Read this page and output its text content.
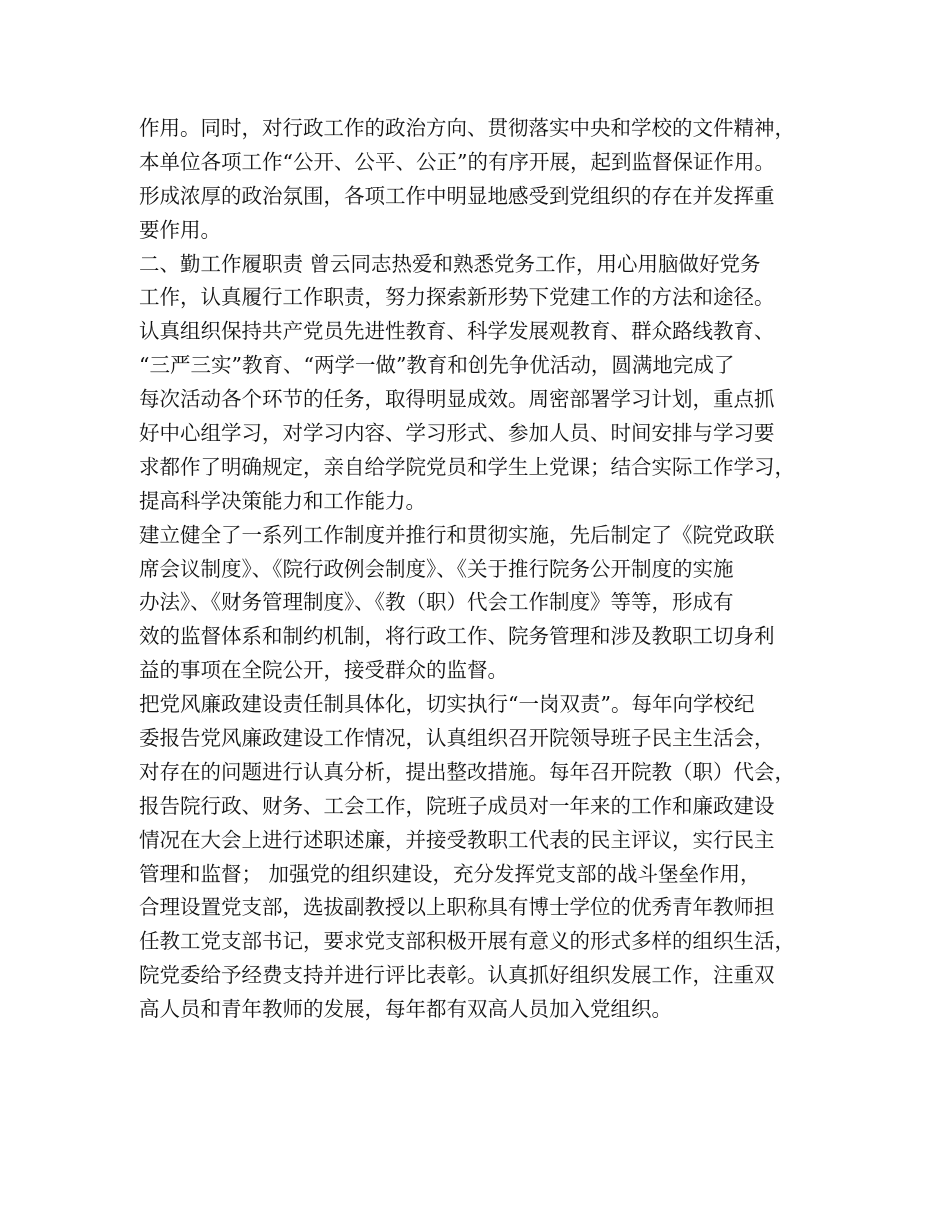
作用。同时，对行政工作的政治方向、贯彻落实中央和学校的文件精神，
本单位各项工作“公开、公平、公正”的有序开展，起到监督保证作用。
形成浓厚的政治氛围，各项工作中明显地感受到党组织的存在并发挥重
要作用。
二、勤工作履职责 曾云同志热爱和熟悉党务工作，用心用脑做好党务
工作，认真履行工作职责，努力探索新形势下党建工作的方法和途径。
认真组织保持共产党员先进性教育、科学发展观教育、群众路线教育、
“三严三实”教育、“两学一做”教育和创先争优活动，圆满地完成了
每次活动各个环节的任务，取得明显成效。周密部署学习计划，重点抓
好中心组学习，对学习内容、学习形式、参加人员、时间安排与学习要
求都作了明确规定，亲自给学院党员和学生上党课；结合实际工作学习，
提高科学决策能力和工作能力。
建立健全了一系列工作制度并推行和贯彻实施，先后制定了《院党政联
席会议制度》、《院行政例会制度》、《关于推行院务公开制度的实施
办法》、《财务管理制度》、《教（职）代会工作制度》等等，形成有
效的监督体系和制约机制，将行政工作、院务管理和涉及教职工切身利
益的事项在全院公开，接受群众的监督。
把党风廉政建设责任制具体化，切实执行“一岗双责”。每年向学校纪
委报告党风廉政建设工作情况，认真组织召开院领导班子民主生活会，
对存在的问题进行认真分析，提出整改措施。每年召开院教（职）代会，
报告院行政、财务、工会工作，院班子成员对一年来的工作和廉政建设
情况在大会上进行述职述廉，并接受教职工代表的民主评议，实行民主
管理和监督； 加强党的组织建设，充分发挥党支部的战斗堡垒作用，
合理设置党支部，选拔副教授以上职称具有博士学位的优秀青年教师担
任教工党支部书记，要求党支部积极开展有意义的形式多样的组织生活，
院党委给予经费支持并进行评比表彰。认真抓好组织发展工作，注重双
高人员和青年教师的发展，每年都有双高人员加入党组织。
